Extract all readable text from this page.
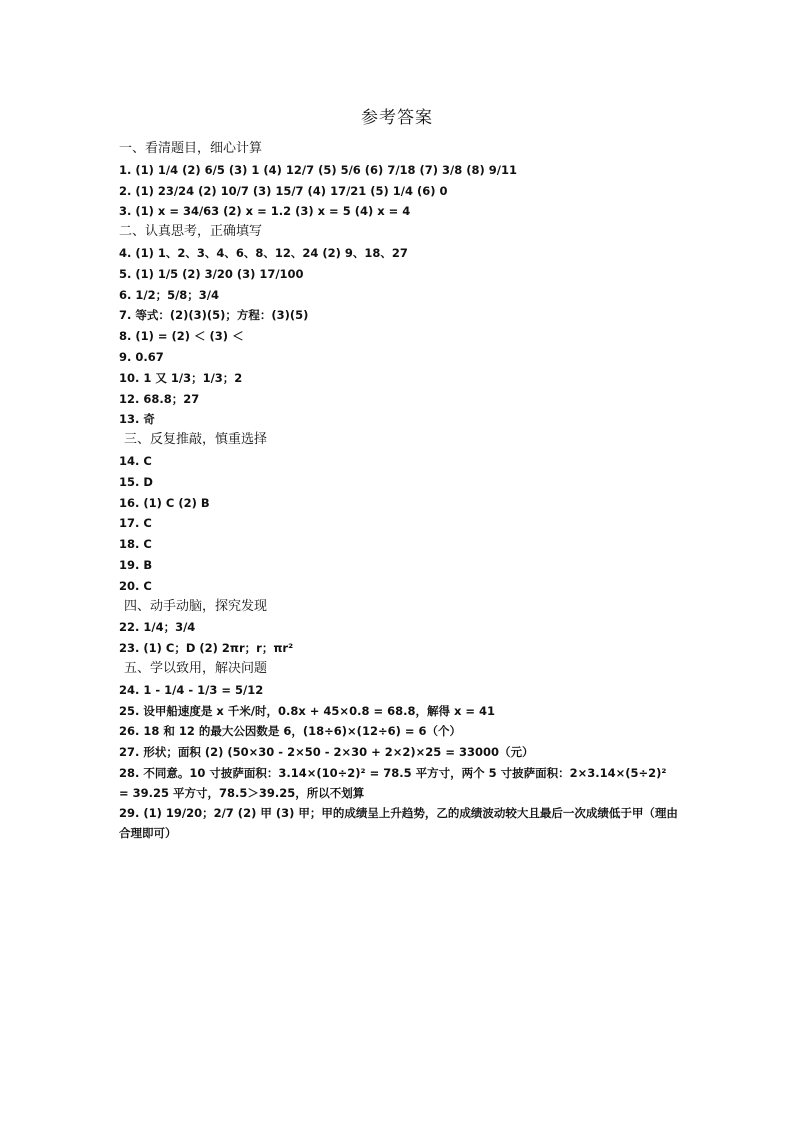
参考答案
一、看清题目，细心计算
1. (1) 1/4 (2) 6/5 (3) 1 (4) 12/7 (5) 5/6 (6) 7/18 (7) 3/8 (8) 9/11
2. (1) 23/24 (2) 10/7 (3) 15/7 (4) 17/21 (5) 1/4 (6) 0
3. (1) x = 34/63 (2) x = 1.2 (3) x = 5 (4) x = 4
二、认真思考，正确填写
4. (1) 1、2、3、4、6、8、12、24 (2) 9、18、27
5. (1) 1/5 (2) 3/20 (3) 17/100
6. 1/2；5/8；3/4
7. 等式：(2)(3)(5)；方程：(3)(5)
8. (1) = (2) ＜ (3) ＜
9. 0.67
10. 1 又 1/3；1/3；2
12. 68.8；27
13. 奇
三、反复推敲，慎重选择
14. C
15. D
16. (1) C (2) B
17. C
18. C
19. B
20. C
四、动手动脑，探究发现
22. 1/4；3/4
23. (1) C；D (2) 2πr；r；πr²
五、学以致用，解决问题
24. 1 - 1/4 - 1/3 = 5/12
25. 设甲船速度是 x 千米/时，0.8x + 45×0.8 = 68.8，解得 x = 41
26. 18 和 12 的最大公因数是 6，(18÷6)×(12÷6) = 6（个）
27. 形状；面积 (2) (50×30 - 2×50 - 2×30 + 2×2)×25 = 33000（元）
28. 不同意。10 寸披萨面积：3.14×(10÷2)² = 78.5 平方寸，两个 5 寸披萨面积：2×3.14×(5÷2)² = 39.25 平方寸，78.5＞39.25，所以不划算
29. (1) 19/20；2/7 (2) 甲 (3) 甲；甲的成绩呈上升趋势，乙的成绩波动较大且最后一次成绩低于甲（理由合理即可）
